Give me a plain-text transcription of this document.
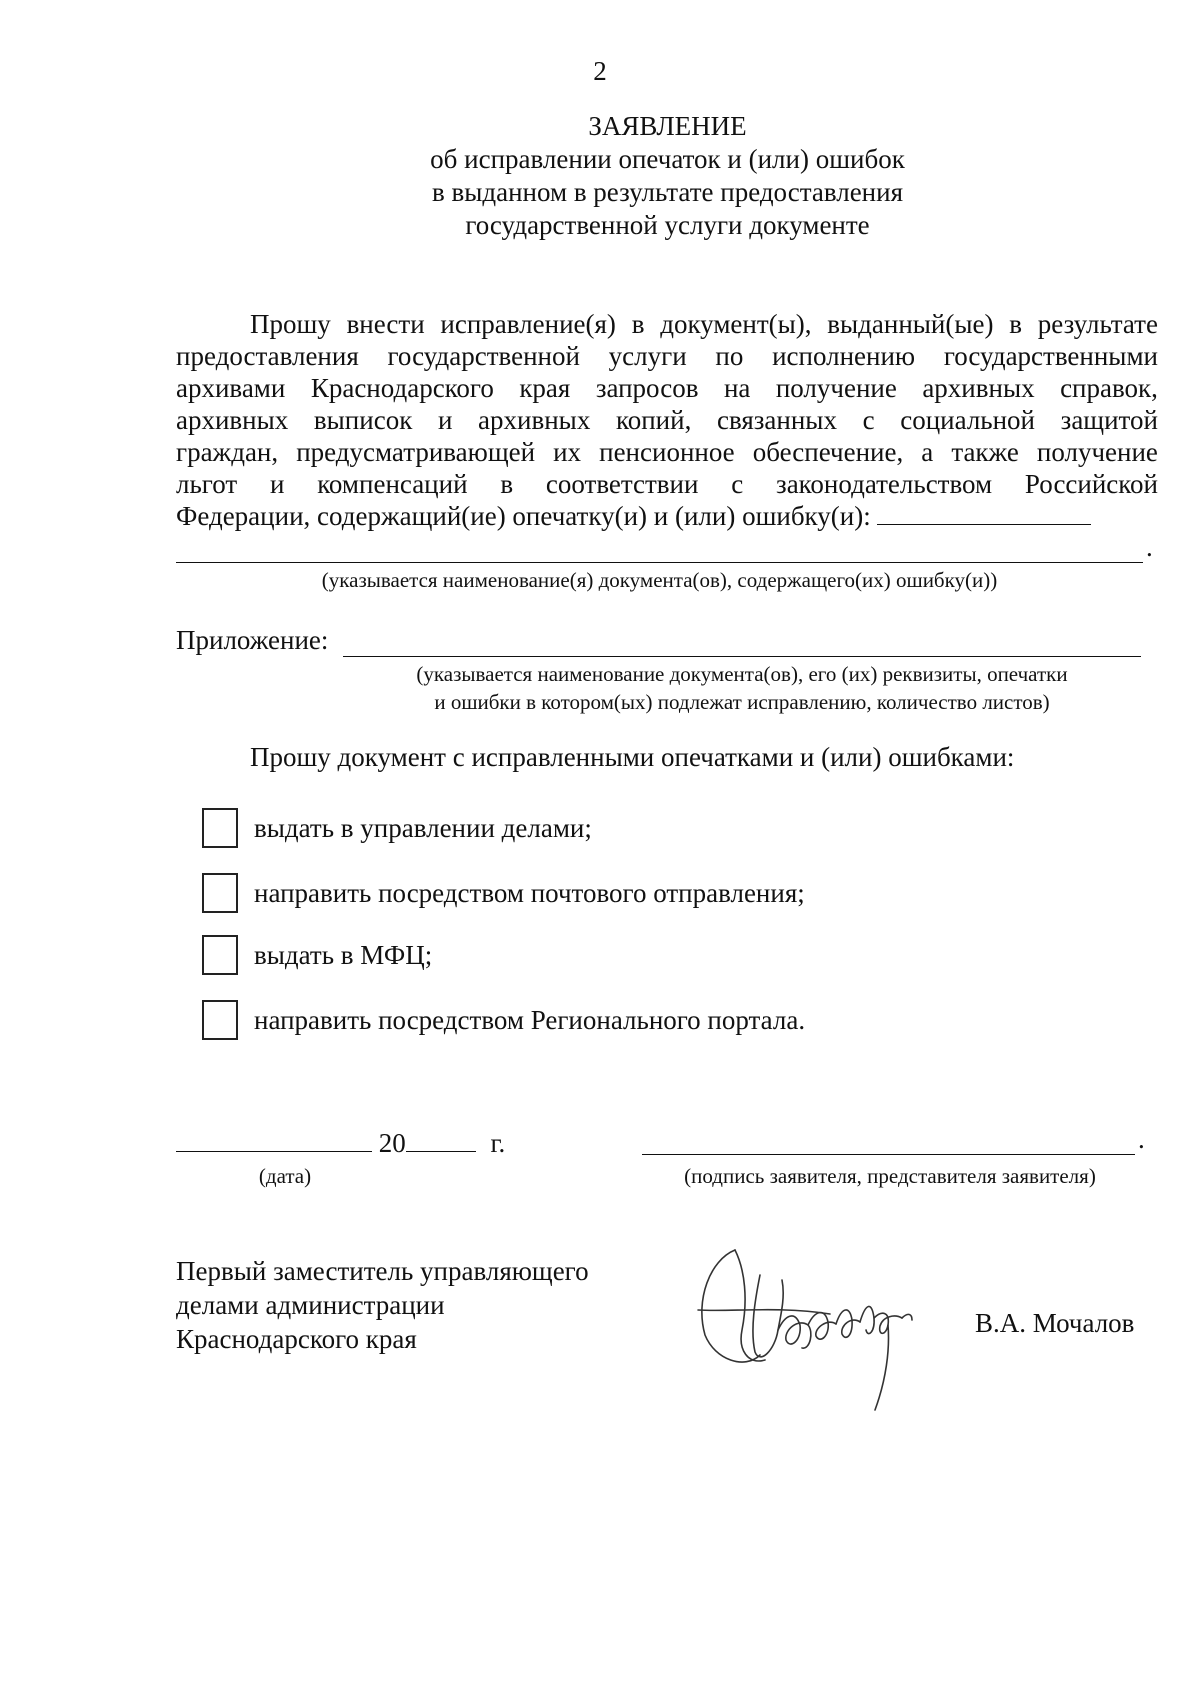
2
ЗАЯВЛЕНИЕ
об исправлении опечаток и (или) ошибок
в выданном в результате предоставления
государственной услуги документе
Прошу внести исправление(я) в документ(ы), выданный(ые) в результате
предоставления государственной услуги по исполнению государственными
архивами Краснодарского края запросов на получение архивных справок,
архивных выписок и архивных копий, связанных с социальной защитой
граждан, предусматривающей их пенсионное обеспечение, а также получение
льгот и компенсаций в соответствии с законодательством Российской
Федерации, содержащий(ие) опечатку(и) и (или) ошибку(и):
.
(указывается наименование(я) документа(ов), содержащего(их) ошибку(и))
Приложение:
(указывается наименование документа(ов), его (их) реквизиты, опечатки
и ошибки в котором(ых) подлежат исправлению, количество листов)
Прошу документ с исправленными опечатками и (или) ошибками:
выдать в управлении делами;
направить посредством почтового отправления;
выдать в МФЦ;
направить посредством Регионального портала.
20	г.
(дата)
.
(подпись заявителя, представителя заявителя)
Первый заместитель управляющего
делами администрации
Краснодарского края
В.А. Мочалов
